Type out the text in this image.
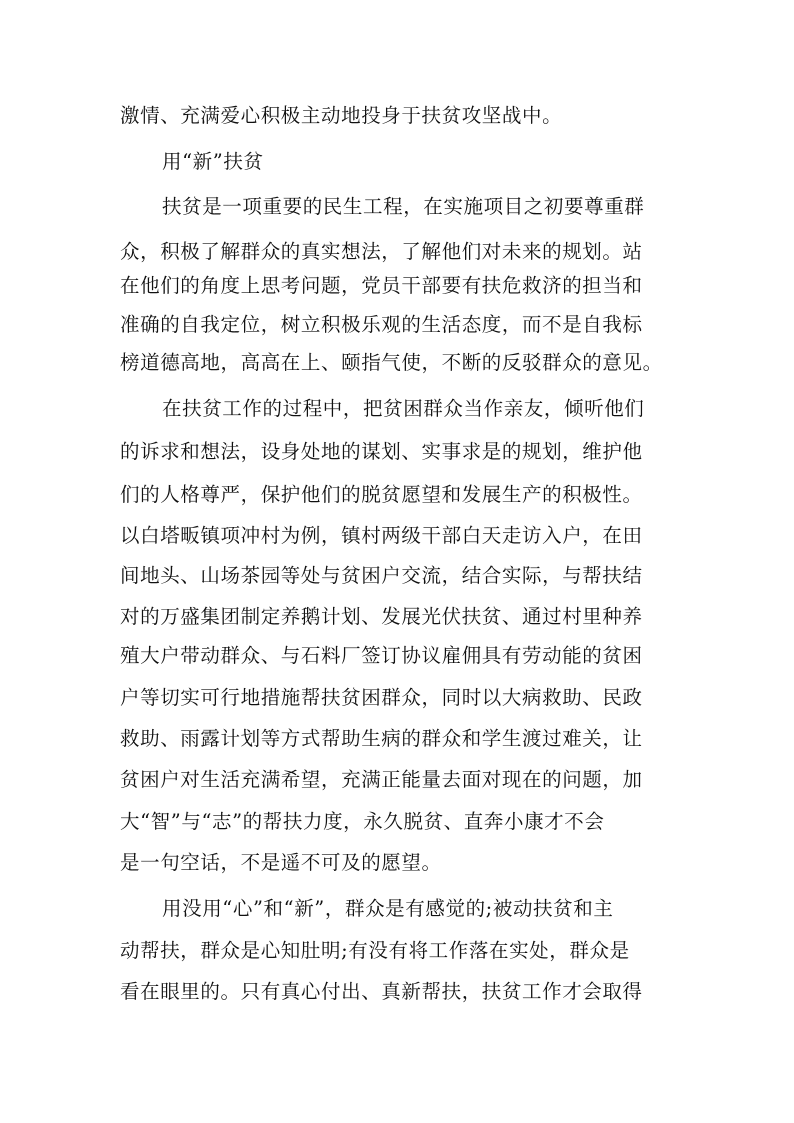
激情、充满爱心积极主动地投身于扶贫攻坚战中。
用“新”扶贫
扶贫是一项重要的民生工程，在实施项目之初要尊重群
众，积极了解群众的真实想法，了解他们对未来的规划。站
在他们的角度上思考问题，党员干部要有扶危救济的担当和
准确的自我定位，树立积极乐观的生活态度，而不是自我标
榜道德高地，高高在上、颐指气使，不断的反驳群众的意见。
在扶贫工作的过程中，把贫困群众当作亲友，倾听他们
的诉求和想法，设身处地的谋划、实事求是的规划，维护他
们的人格尊严，保护他们的脱贫愿望和发展生产的积极性。
以白塔畈镇项冲村为例，镇村两级干部白天走访入户，在田
间地头、山场茶园等处与贫困户交流，结合实际，与帮扶结
对的万盛集团制定养鹅计划、发展光伏扶贫、通过村里种养
殖大户带动群众、与石料厂签订协议雇佣具有劳动能的贫困
户等切实可行地措施帮扶贫困群众，同时以大病救助、民政
救助、雨露计划等方式帮助生病的群众和学生渡过难关，让
贫困户对生活充满希望，充满正能量去面对现在的问题，加
大“智”与“志”的帮扶力度，永久脱贫、直奔小康才不会
是一句空话，不是遥不可及的愿望。
用没用“心”和“新”，群众是有感觉的;被动扶贫和主
动帮扶，群众是心知肚明;有没有将工作落在实处，群众是
看在眼里的。只有真心付出、真新帮扶，扶贫工作才会取得
